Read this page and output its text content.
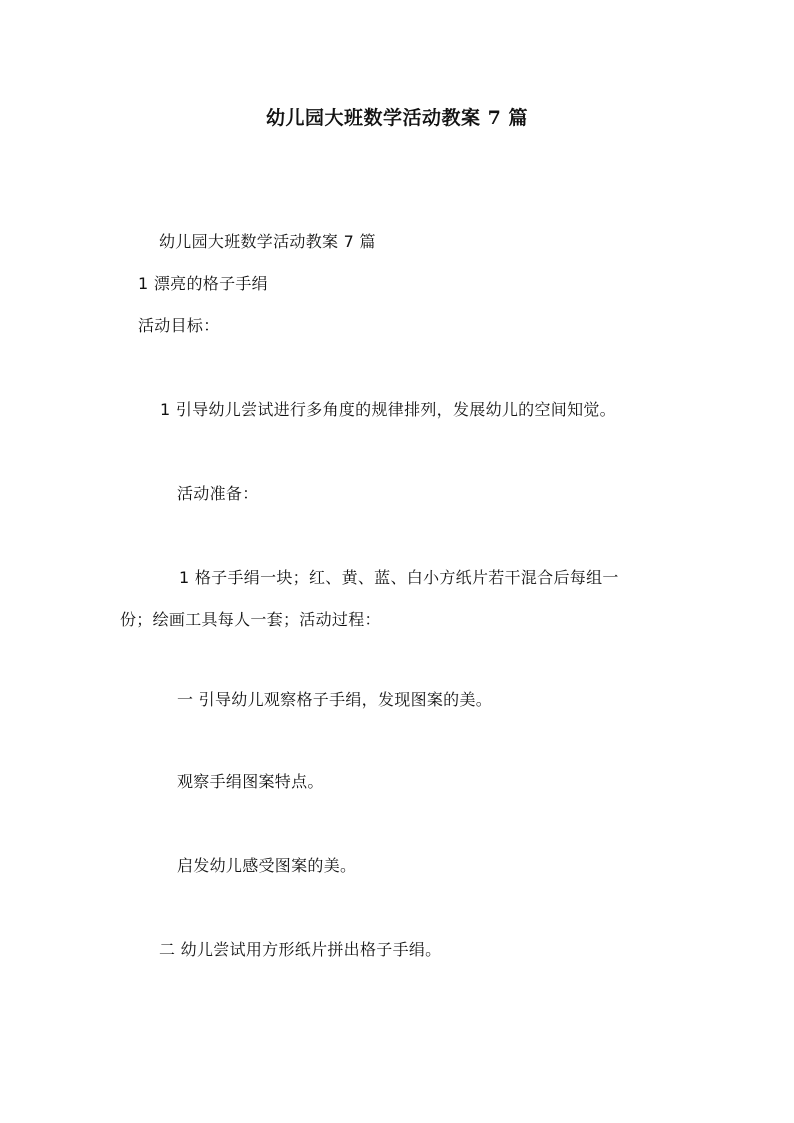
幼儿园大班数学活动教案 7 篇
幼儿园大班数学活动教案 7 篇
1 漂亮的格子手绢
活动目标：
1 引导幼儿尝试进行多角度的规律排列，发展幼儿的空间知觉。
活动准备：
1 格子手绢一块；红、黄、蓝、白小方纸片若干混合后每组一
份；绘画工具每人一套；活动过程：
一 引导幼儿观察格子手绢，发现图案的美。
观察手绢图案特点。
启发幼儿感受图案的美。
二 幼儿尝试用方形纸片拼出格子手绢。
